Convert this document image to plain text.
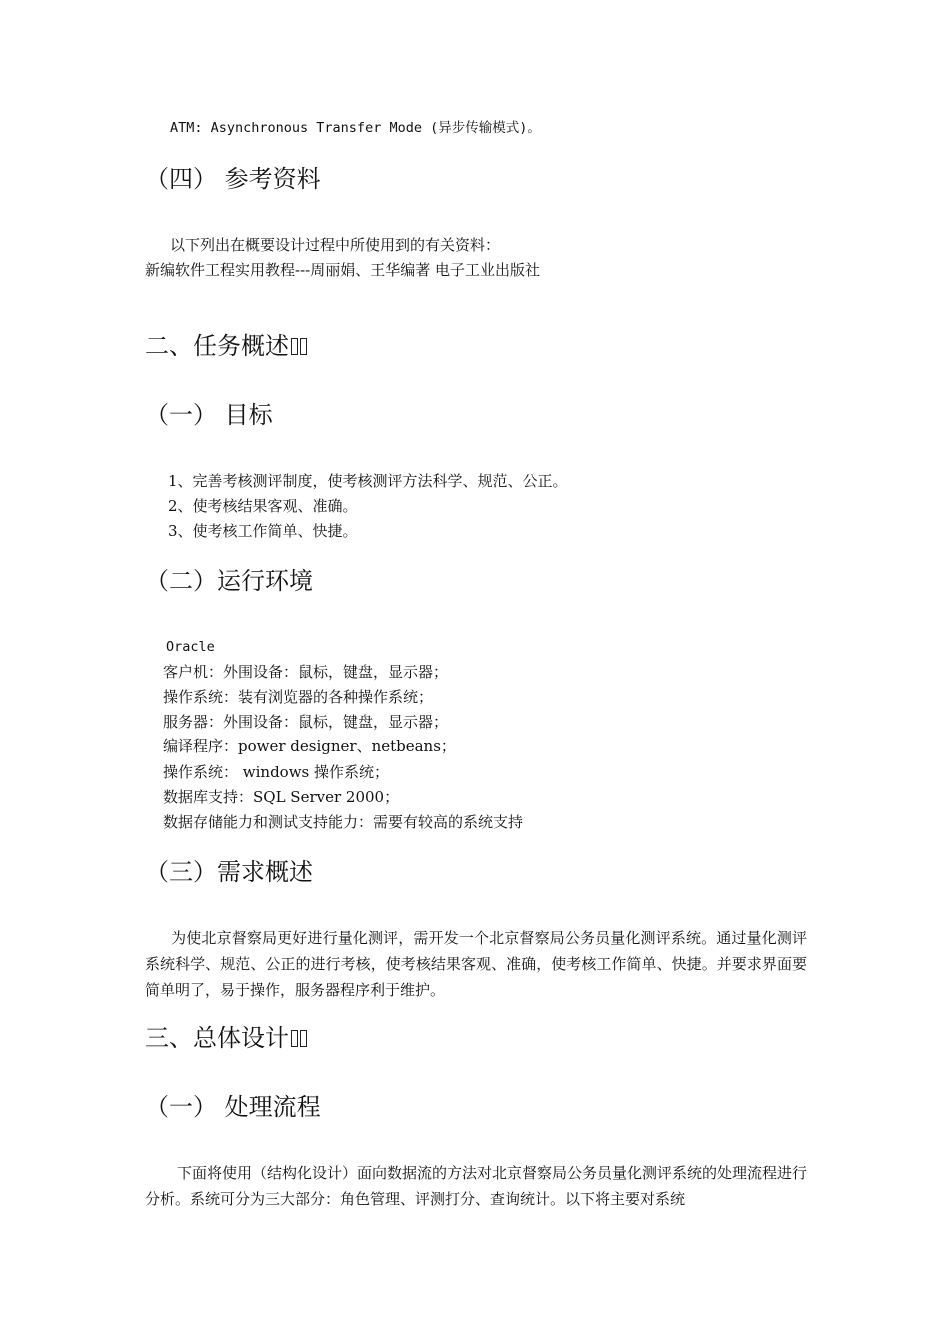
ATM: Asynchronous Transfer Mode (异步传输模式)。
（四） 参考资料
以下列出在概要设计过程中所使用到的有关资料：
新编软件工程实用教程---周丽娟、王华编著 电子工业出版社
二、任务概述
（一） 目标
1、完善考核测评制度，使考核测评方法科学、规范、公正。
2、使考核结果客观、准确。
3、使考核工作简单、快捷。
（二）运行环境
Oracle
客户机：外围设备：鼠标，键盘，显示器；
操作系统：装有浏览器的各种操作系统；
服务器：外围设备：鼠标，键盘，显示器；
编译程序：power designer、netbeans；
操作系统： windows 操作系统；
数据库支持：SQL Server 2000；
数据存储能力和测试支持能力：需要有较高的系统支持
（三）需求概述
为使北京督察局更好进行量化测评，需开发一个北京督察局公务员量化测评系统。通过量化测评系统科学、规范、公正的进行考核，使考核结果客观、准确，使考核工作简单、快捷。并要求界面要简单明了，易于操作，服务器程序利于维护。
三、总体设计
（一） 处理流程
下面将使用（结构化设计）面向数据流的方法对北京督察局公务员量化测评系统的处理流程进行分析。系统可分为三大部分：角色管理、评测打分、查询统计。以下将主要对系统
